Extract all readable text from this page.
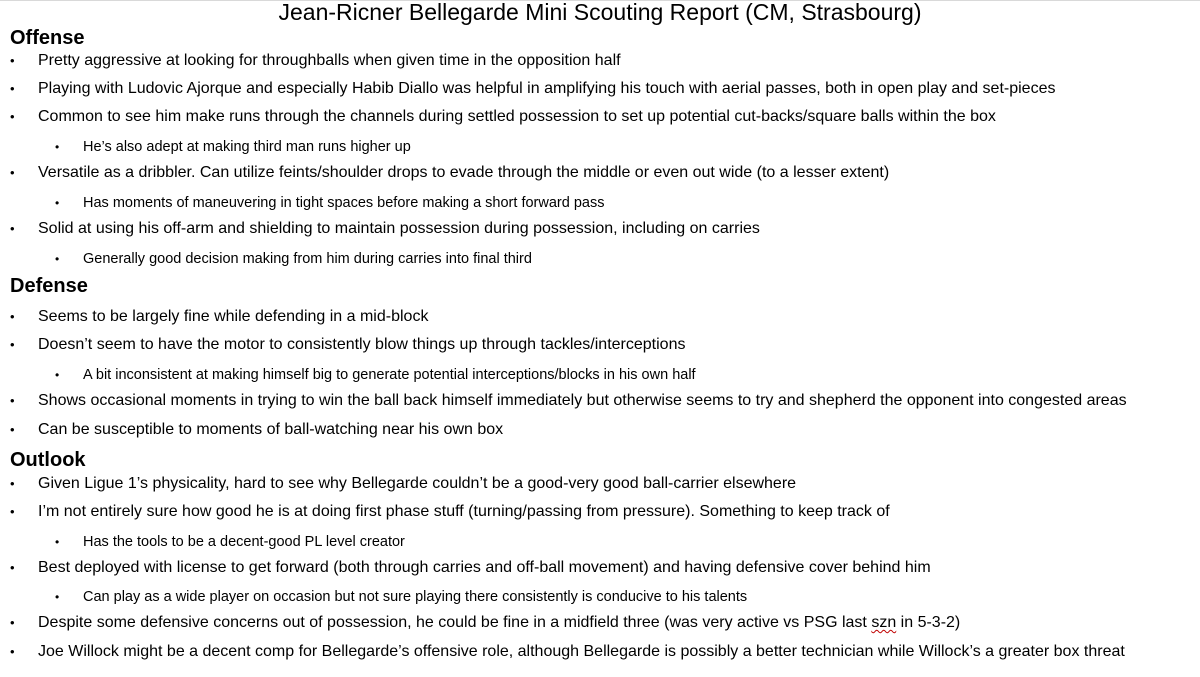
Jean-Ricner Bellegarde Mini Scouting Report (CM, Strasbourg)
Offense
• Pretty aggressive at looking for throughballs when given time in the opposition half
• Playing with Ludovic Ajorque and especially Habib Diallo was helpful in amplifying his touch with aerial passes, both in open play and set-pieces
• Common to see him make runs through the channels during settled possession to set up potential cut-backs/square balls within the box
• He’s also adept at making third man runs higher up
• Versatile as a dribbler. Can utilize feints/shoulder drops to evade through the middle or even out wide (to a lesser extent)
• Has moments of maneuvering in tight spaces before making a short forward pass
• Solid at using his off-arm and shielding to maintain possession during possession, including on carries
• Generally good decision making from him during carries into final third
Defense
• Seems to be largely fine while defending in a mid-block
• Doesn’t seem to have the motor to consistently blow things up through tackles/interceptions
• A bit inconsistent at making himself big to generate potential interceptions/blocks in his own half
• Shows occasional moments in trying to win the ball back himself immediately but otherwise seems to try and shepherd the opponent into congested areas
• Can be susceptible to moments of ball-watching near his own box
Outlook
• Given Ligue 1’s physicality, hard to see why Bellegarde couldn’t be a good-very good ball-carrier elsewhere
• I’m not entirely sure how good he is at doing first phase stuff (turning/passing from pressure). Something to keep track of
• Has the tools to be a decent-good PL level creator
• Best deployed with license to get forward (both through carries and off-ball movement) and having defensive cover behind him
• Can play as a wide player on occasion but not sure playing there consistently is conducive to his talents
• Despite some defensive concerns out of possession, he could be fine in a midfield three (was very active vs PSG last szn in 5-3-2)
• Joe Willock might be a decent comp for Bellegarde’s offensive role, although Bellegarde is possibly a better technician while Willock’s a greater box threat
